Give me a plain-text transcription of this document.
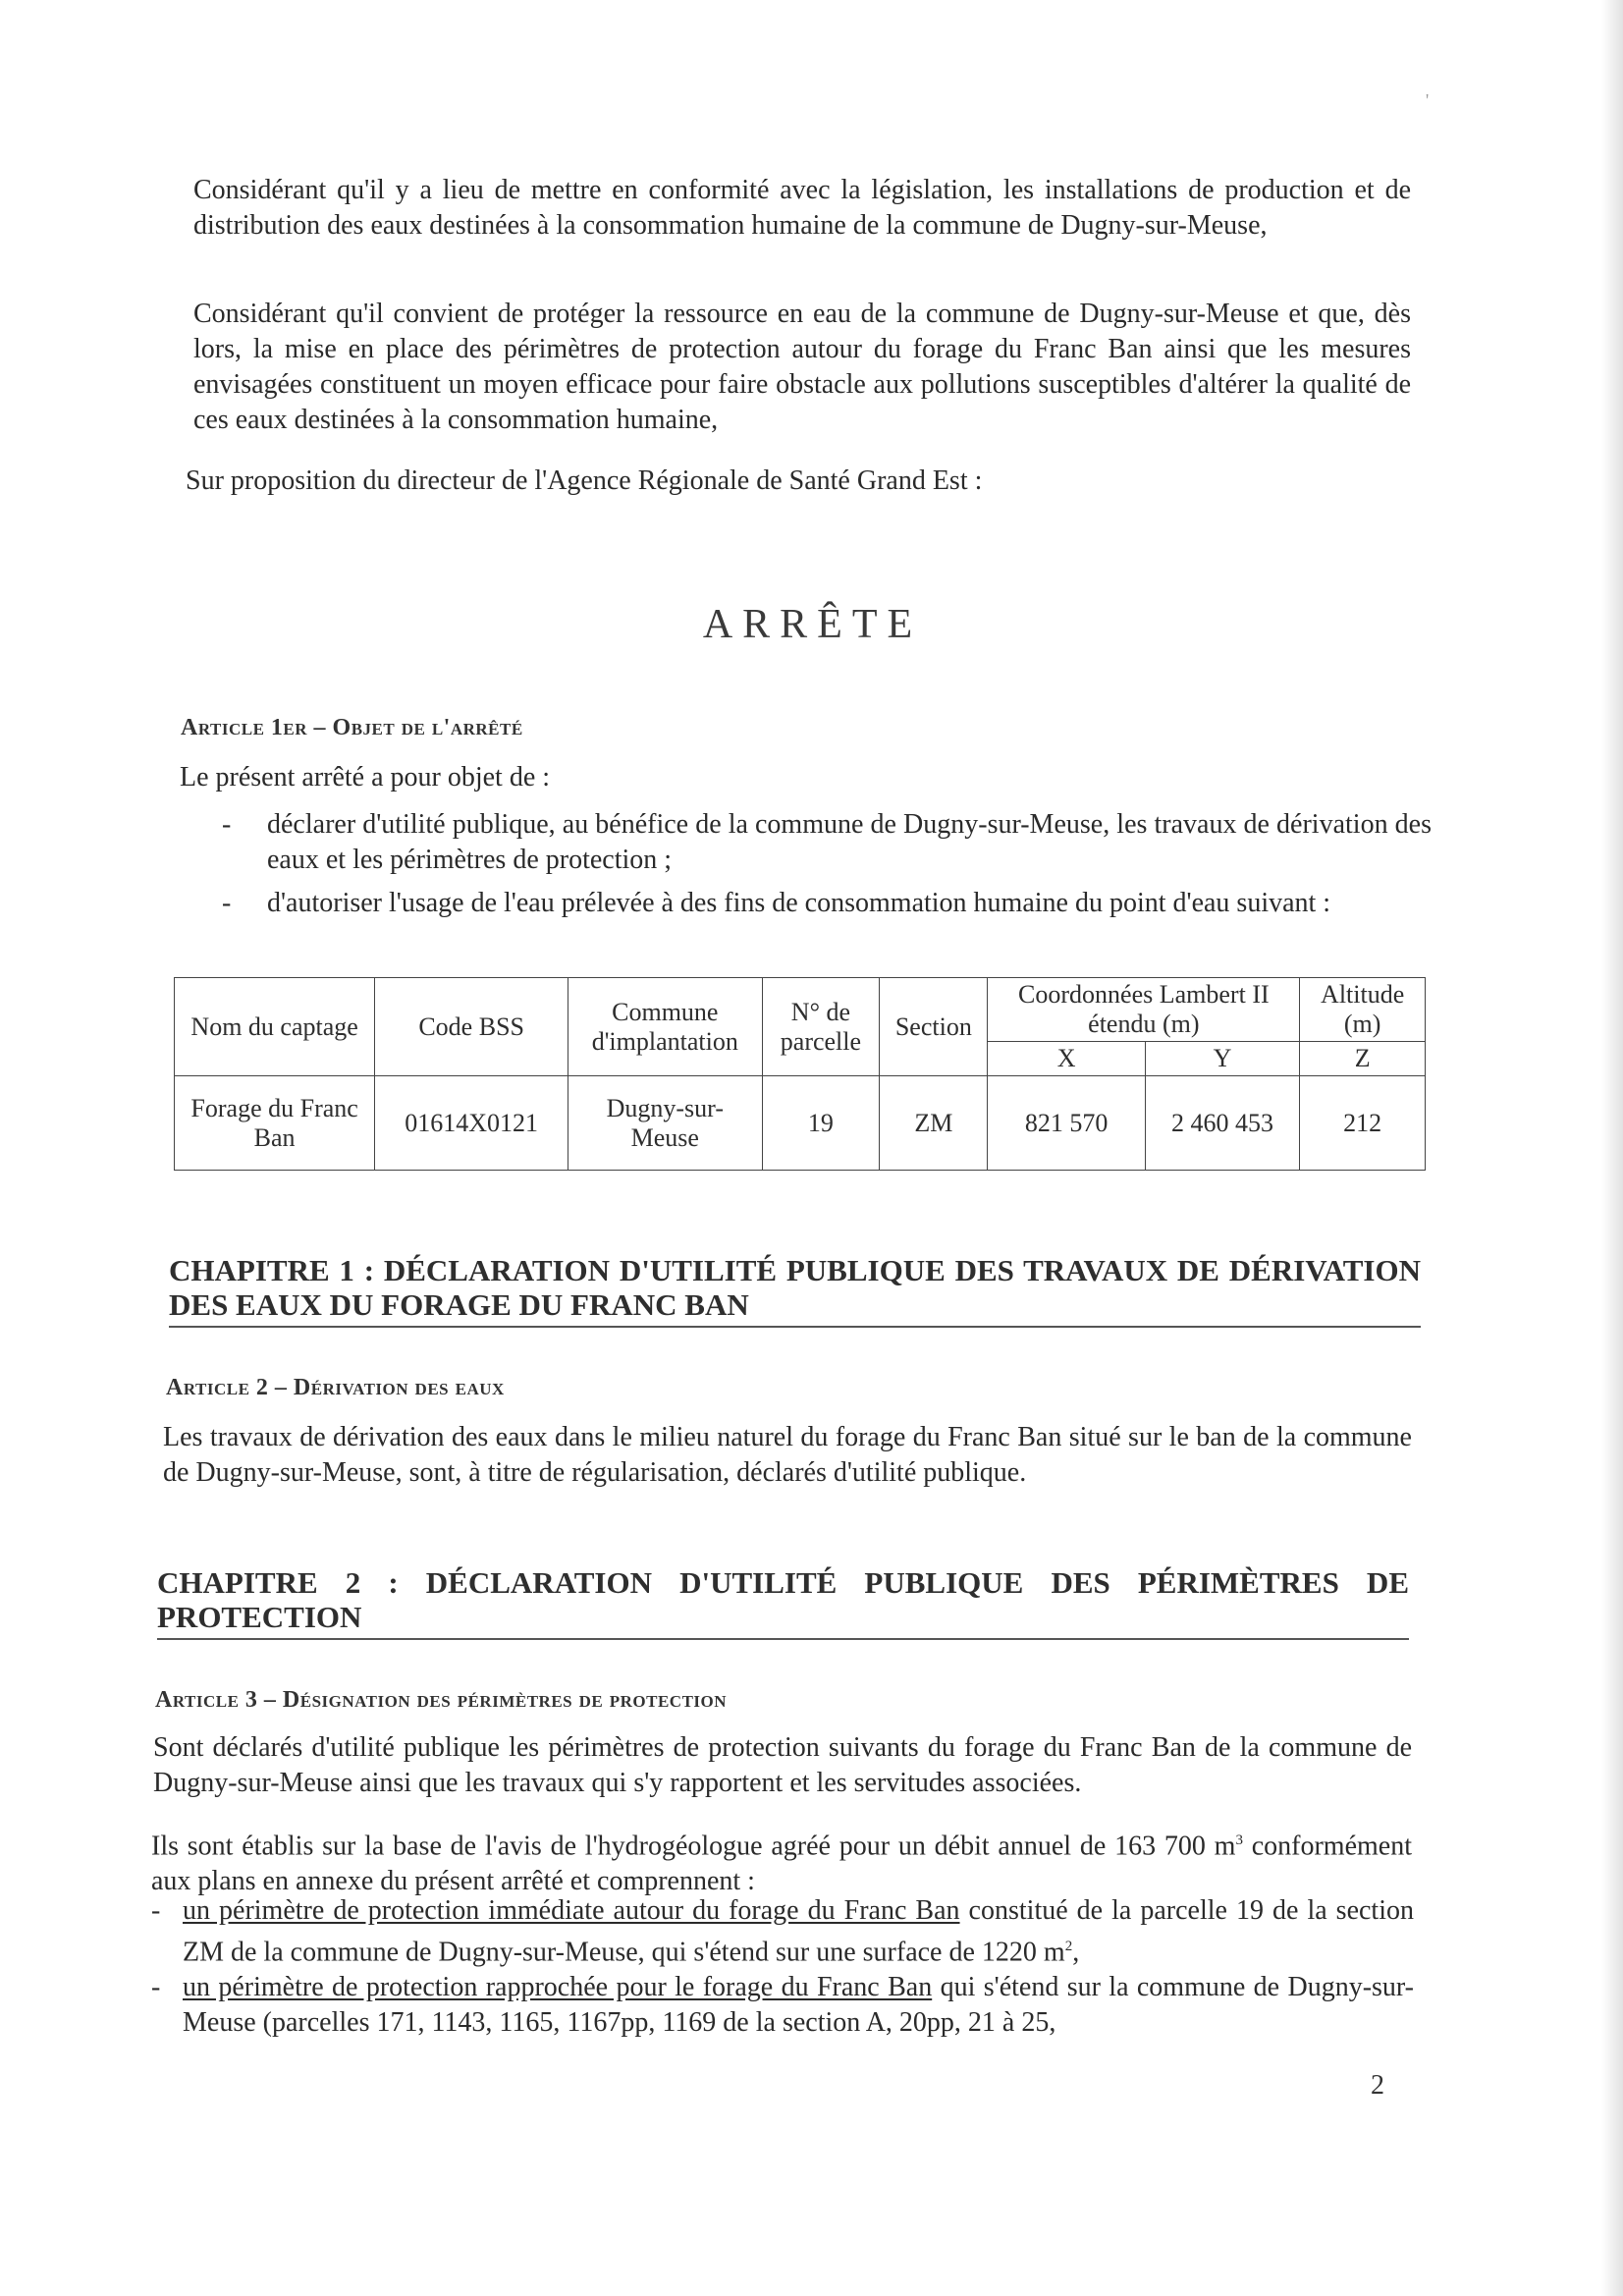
'

Considérant qu'il y a lieu de mettre en conformité avec la législation, les installations de production et de distribution des eaux destinées à la consommation humaine de la commune de Dugny-sur-Meuse,

Considérant qu'il convient de protéger la ressource en eau de la commune de Dugny-sur-Meuse et que, dès lors, la mise en place des périmètres de protection autour du forage du Franc Ban ainsi que les mesures envisagées constituent un moyen efficace pour faire obstacle aux pollutions susceptibles d'altérer la qualité de ces eaux destinées à la consommation humaine,

Sur proposition du directeur de l'Agence Régionale de Santé Grand Est :

ARRÊTE
Article 1er – Objet de l'arrêté

Le présent arrêté a pour objet de :

- déclarer d'utilité publique, au bénéfice de la commune de Dugny-sur-Meuse, les travaux de dérivation des eaux et les périmètres de protection ;
- d'autoriser l'usage de l'eau prélevée à des fins de consommation humaine du point d'eau suivant :
Nom du captage	Code BSS	Commune d'implantation	N° de parcelle	Section	Coordonnées Lambert II étendu (m)		Altitude (m)
					X	Y	Z
Forage du Franc Ban	01614X0121	Dugny-sur-Meuse	19	ZM	821 570	2 460 453	212
CHAPITRE 1 : DÉCLARATION D'UTILITÉ PUBLIQUE DES TRAVAUX DE DÉRIVATION DES EAUX DU FORAGE DU FRANC BAN
Article 2 – Dérivation des eaux

Les travaux de dérivation des eaux dans le milieu naturel du forage du Franc Ban situé sur le ban de la commune de Dugny-sur-Meuse, sont, à titre de régularisation, déclarés d'utilité publique.

CHAPITRE 2 : DÉCLARATION D'UTILITÉ PUBLIQUE DES PÉRIMÈTRES DE PROTECTION
Article 3 – Désignation des périmètres de protection

Sont déclarés d'utilité publique les périmètres de protection suivants du forage du Franc Ban de la commune de Dugny-sur-Meuse ainsi que les travaux qui s'y rapportent et les servitudes associées.

Ils sont établis sur la base de l'avis de l'hydrogéologue agréé pour un débit annuel de 163 700 $m^3$ conformément aux plans en annexe du présent arrêté et comprennent :

- un périmètre de protection immédiate autour du forage du Franc Ban constitué de la parcelle 19 de la section ZM de la commune de Dugny-sur-Meuse, qui s'étend sur une surface de 1220 $m^2$,
- un périmètre de protection rapprochée pour le forage du Franc Ban qui s'étend sur la commune de Dugny-sur-Meuse (parcelles 171, 1143, 1165, 1167pp, 1169 de la section A, 20pp, 21 à 25,
2
